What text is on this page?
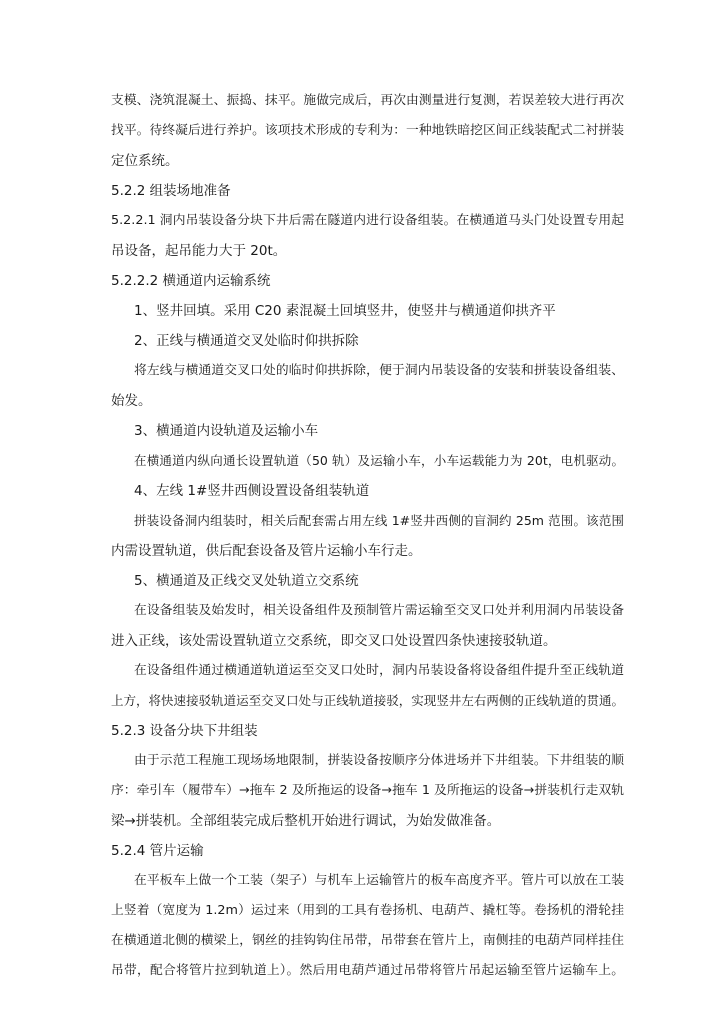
支模、浇筑混凝土、振捣、抹平。施做完成后，再次由测量进行复测，若误差较大进行再次
找平。待终凝后进行养护。该项技术形成的专利为：一种地铁暗挖区间正线装配式二衬拼装
定位系统。
5.2.2 组装场地准备
5.2.2.1 洞内吊装设备分块下井后需在隧道内进行设备组装。在横通道马头门处设置专用起
吊设备，起吊能力大于 20t。
5.2.2.2 横通道内运输系统
1、竖井回填。采用 C20 素混凝土回填竖井，使竖井与横通道仰拱齐平
2、正线与横通道交叉处临时仰拱拆除
将左线与横通道交叉口处的临时仰拱拆除，便于洞内吊装设备的安装和拼装设备组装、
始发。
3、横通道内设轨道及运输小车
在横通道内纵向通长设置轨道（50 轨）及运输小车，小车运载能力为 20t，电机驱动。
4、左线 1#竖井西侧设置设备组装轨道
拼装设备洞内组装时，相关后配套需占用左线 1#竖井西侧的盲洞约 25m 范围。该范围
内需设置轨道，供后配套设备及管片运输小车行走。
5、横通道及正线交叉处轨道立交系统
在设备组装及始发时，相关设备组件及预制管片需运输至交叉口处并利用洞内吊装设备
进入正线，该处需设置轨道立交系统，即交叉口处设置四条快速接驳轨道。
在设备组件通过横通道轨道运至交叉口处时，洞内吊装设备将设备组件提升至正线轨道
上方，将快速接驳轨道运至交叉口处与正线轨道接驳，实现竖井左右两侧的正线轨道的贯通。
5.2.3 设备分块下井组装
由于示范工程施工现场场地限制，拼装设备按顺序分体进场并下井组装。下井组装的顺
序：牵引车（履带车）→拖车 2 及所拖运的设备→拖车 1 及所拖运的设备→拼装机行走双轨
梁→拼装机。全部组装完成后整机开始进行调试，为始发做准备。
5.2.4 管片运输
在平板车上做一个工装（架子）与机车上运输管片的板车高度齐平。管片可以放在工装
上竖着（宽度为 1.2m）运过来（用到的工具有卷扬机、电葫芦、撬杠等。卷扬机的滑轮挂
在横通道北侧的横梁上，钢丝的挂钩钩住吊带，吊带套在管片上，南侧挂的电葫芦同样挂住
吊带，配合将管片拉到轨道上）。然后用电葫芦通过吊带将管片吊起运输至管片运输车上。
